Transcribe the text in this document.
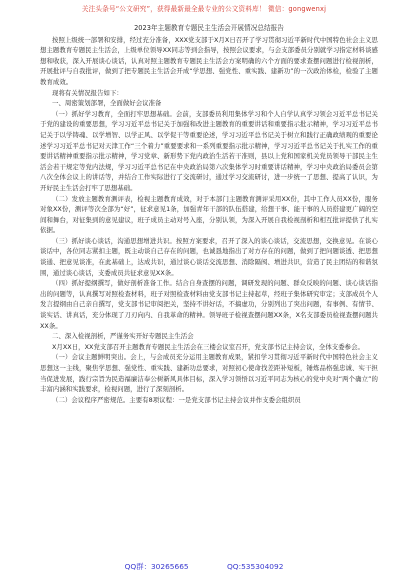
关注头条号“公文研究”，获得最新最全最专业的公文资料库！ 微信：gongwenxj

2023年主题教育专题民主生活会开展情况总结报告

按照上级统一部署和安排，经过充分准备，XXX党支部于X月X日召开了学习贯彻习近平新时代中国特色社会主义思想主题教育专题民主生活会，上级单位领导XX同志等到会指导，按照会议要求，与会支部委员分别就学习指定材料谈感想和收获，深入开展谈心谈话，认真对照主题教育专题民主生活会方案明确的六个方面的要求查摆问题进行检视剖析，开展批评与自我批评，做到了把专题民主生活会开成“学思想、强党性、重实践、建新功”的一次政治体检，检验了主题教育成效。

现将有关情况报告如下：

一、周密策划部署，全面做好会议准备

（一）抓好学习教育，全面打牢思想基础。会前，支部委员利用集体学习和个人自学认真学习领会习近平总书记关于党的建设的重要思想，学习习近平总书记关于加强和改进主题教育的重要讲话和重要指示批示精神，学习习近平总书记关于以学铸魂、以学增智、以学正风、以学促干等重要论述，学习习近平总书记关于树立和践行正确政绩观的重要论述学习习近平总书记对天津工作“三个着力”重要要求和一系列重要指示批示精神，学习习近平总书记关于扎实工作的重要讲话精神重要指示批示精神，学习党章、新形势下党内政治生活若干准则，县以上党和国家机关党员领导干部民主生活会若干规定等党内法规，学习习近平总书记在中央政治局第六次集体学习时重要讲话精神，学习中央政治局委员会第八次全体会议上的讲话等，并结合工作实际进行了交流研讨，通过学习交流研讨，进一步统一了思想、提高了认识，为开好民主生活会打牢了思想基础。

（二）发放主题教育测评表，检视主题教育成效，对于本部门主题教育测评采用XX份，其中工作人员XX份，服务对象XX份，测评等次全部为“好”，征求意见1条，加强青年干部的队伍搭建，给想干事、能干事的人员搭建更广阔的空间和舞台，对征集到的意见建议，班子成员主动对号入座，分别认领，为深入开展自我检视剖析和相互批评提供了扎实依据。

（三）抓好谈心谈话，沟通思想增进共识。按照方案要求，召开了深入的谈心谈话，交流思想，交换意见。在谈心谈话中，各位同志紧扣主题，既主动谈自己存在的问题，也诚恳地指出了对方存在的问题，做到了把问题谈透、把思想谈通、把意见谈准，在此基础上，达成共识，通过谈心谈话交流思想、消除隔阂、增进共识，营造了民主团结的和谐氛围，通过谈心谈话，支委成员共征求意见XX条。

（四）抓好提纲撰写，做好剖析准备工作。结合自身查摆的问题，调研发现的问题、群众反映的问题、谈心谈话指出的问题等，认真撰写对照检查材料，班子对照检查材料由党支部书记主持起草，经班子集体研究审定；支部成员个人发言提纲由自己亲自撰写，党支部书记审阅把关，坚持不讲好话，不搞虚功，分别列出了突出问题，有事例、有情节、谈实话、讲真话，充分体现了刀刃向内、自我革命的精神。领导班子检视查摆问题XX条，X名支部委员检视查摆问题共XX条。

二、深入检视剖析，严谨务实开好专题民主生活会

X月XX日，XX党支部召开主题教育专题民主生活会在三楼会议室召开，党支部书记主持会议，全体支委参会。

（一）会议主题鲜明突出。会上，与会成员充分运用主题教育成果，紧扣学习贯彻习近平新时代中国特色社会主义思想这一主线，聚焦学思想、强党性、重实践、建新功总要求，对照初心使命找差距补短板，锤炼品格强忠诚、实干担当促进发展，践行宗旨为民造福廉洁奉公树新风具体目标，深入学习领悟以习近平同志为核心的党中央对“两个确立”的丰富内涵和实践要求，检视问题，进行了深刻剖析。

（二）会议程序严密规范。主要有8项议程：一是党支部书记主持会议并作支委会组织员

QQ群：30265665	QQ:535304092
